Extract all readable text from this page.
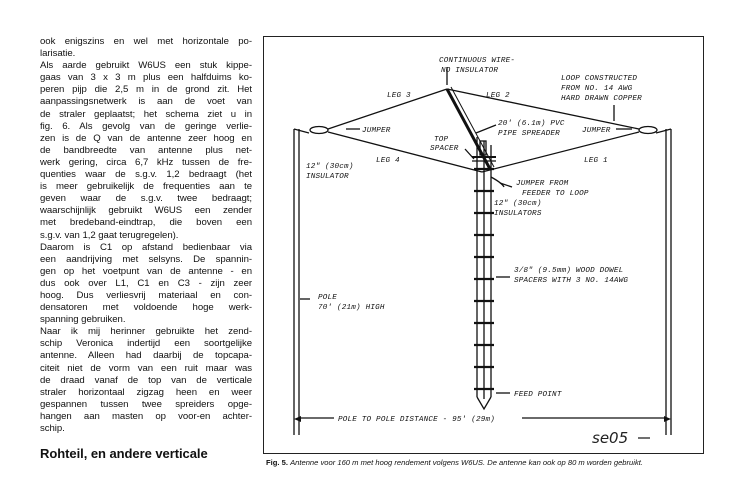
ook enigszins en wel met horizontale po-
larisatie.
Als aarde gebruikt W6US een stuk kippe-
gaas van 3 x 3 m plus een halfduims ko-
peren pijp die 2,5 m in de grond zit. Het
aanpassingsnetwerk is aan de voet van
de straler geplaatst; het schema ziet u in
fig. 6. Als gevolg van de geringe verlie-
zen is de Q van de antenne zeer hoog en
de bandbreedte van antenne plus net-
werk gering, circa 6,7 kHz tussen de fre-
quenties waar de s.g.v. 1,2 bedraagt (het
is meer gebruikelijk de frequenties aan te
geven waar de s.g.v. twee bedraagt;
waarschijnlijk gebruikt W6US een zender
met bredeband-eindtrap, die boven een
s.g.v. van 1,2 gaat terugregelen).
Daarom is C1 op afstand bedienbaar via
een aandrijving met selsyns. De spannin-
gen op het voetpunt van de antenne - en
dus ook over L1, C1 en C3 - zijn zeer
hoog. Dus verliesvrij materiaal en con-
densatoren met voldoende hoge werk-
spanning gebruiken.
Naar ik mij herinner gebruikte het zend-
schip Veronica indertijd een soortgelijke
antenne. Alleen had daarbij de topcapa-
citeit niet de vorm van een ruit maar was
de draad vanaf de top van de verticale
straler horizontaal zigzag heen en weer
gespannen tussen twee spreiders opge-
hangen aan masten op voor-en achter-
schip.
Rohteil, en andere verticale
CONTINUOUS WIRE-
NO INSULATOR
LEG 3	LEG 2
LOOP CONSTRUCTED
FROM NO. 14 AWG
HARD DRAWN COPPER
JUMPER	JUMPER
20' (6.1m) PVC
PIPE SPREADER
TOP
SPACER
LEG 4	LEG 1
12" (30cm)
INSULATOR
JUMPER FROM
FEEDER TO LOOP
12" (30cm)
INSULATORS
3/8" (9.5mm) WOOD DOWEL
SPACERS WITH 3 NO. 14AWG
POLE
70' (21m) HIGH
FEED POINT
POLE TO POLE DISTANCE - 95' (29m)
se05
Fig. 5. Antenne voor 160 m met hoog rendement volgens W6US. De antenne kan ook op 80 m worden gebruikt.
